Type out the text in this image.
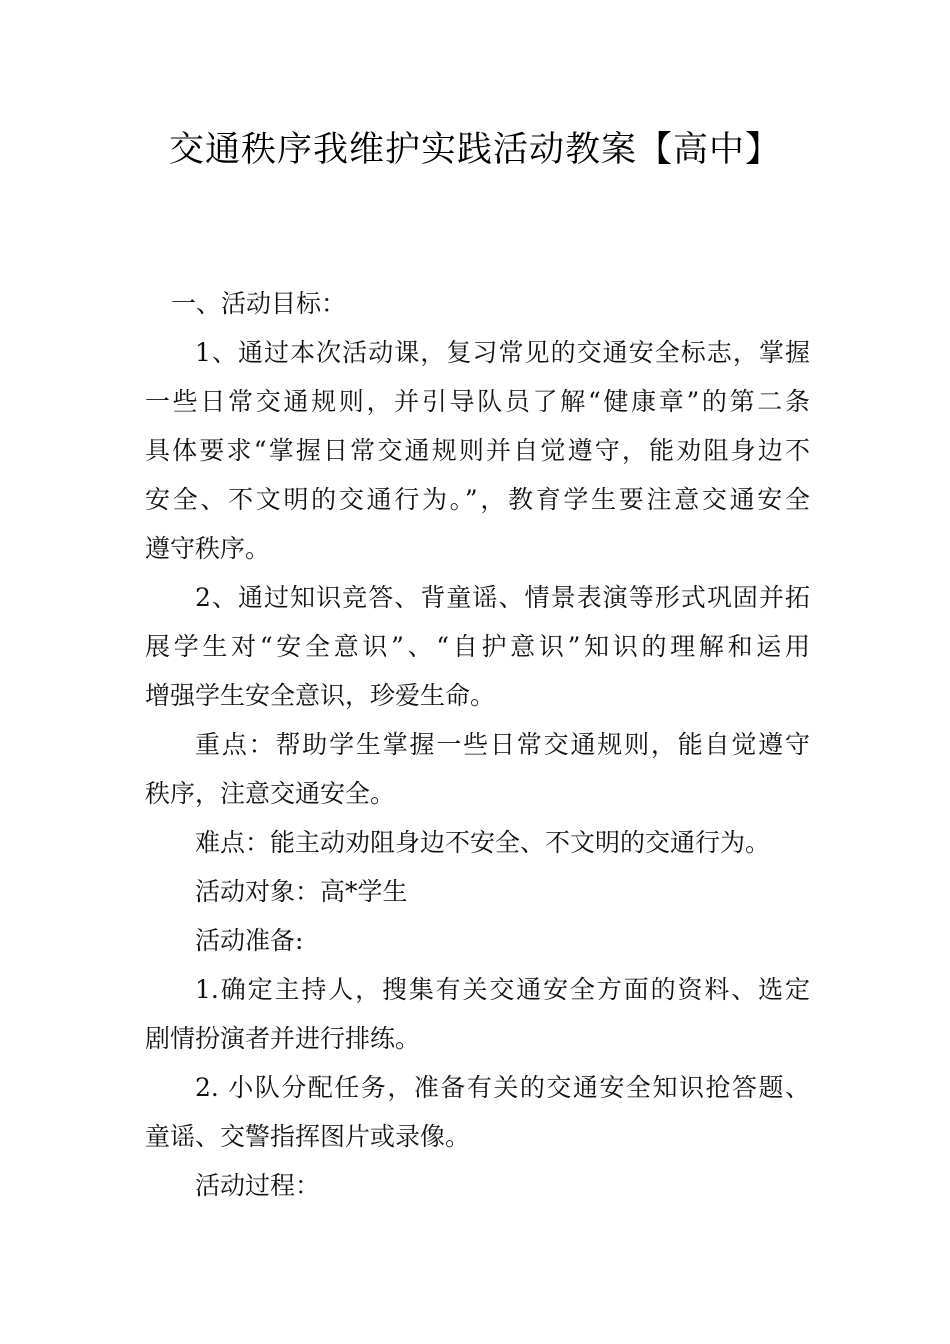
交通秩序我维护实践活动教案【高中】
一、活动目标：
1、通过本次活动课，复习常见的交通安全标志，掌握
一些日常交通规则，并引导队员了解“健康章”的第二条
具体要求“掌握日常交通规则并自觉遵守，能劝阻身边不
安全、不文明的交通行为。”，教育学生要注意交通安全
遵守秩序。
2、通过知识竞答、背童谣、情景表演等形式巩固并拓
展学生对“安全意识”、“自护意识”知识的理解和运用
增强学生安全意识，珍爱生命。
重点：帮助学生掌握一些日常交通规则，能自觉遵守
秩序，注意交通安全。
难点：能主动劝阻身边不安全、不文明的交通行为。
活动对象：高*学生
活动准备:
1.确定主持人，搜集有关交通安全方面的资料、选定
剧情扮演者并进行排练。
2. 小队分配任务，准备有关的交通安全知识抢答题、
童谣、交警指挥图片或录像。
活动过程：
